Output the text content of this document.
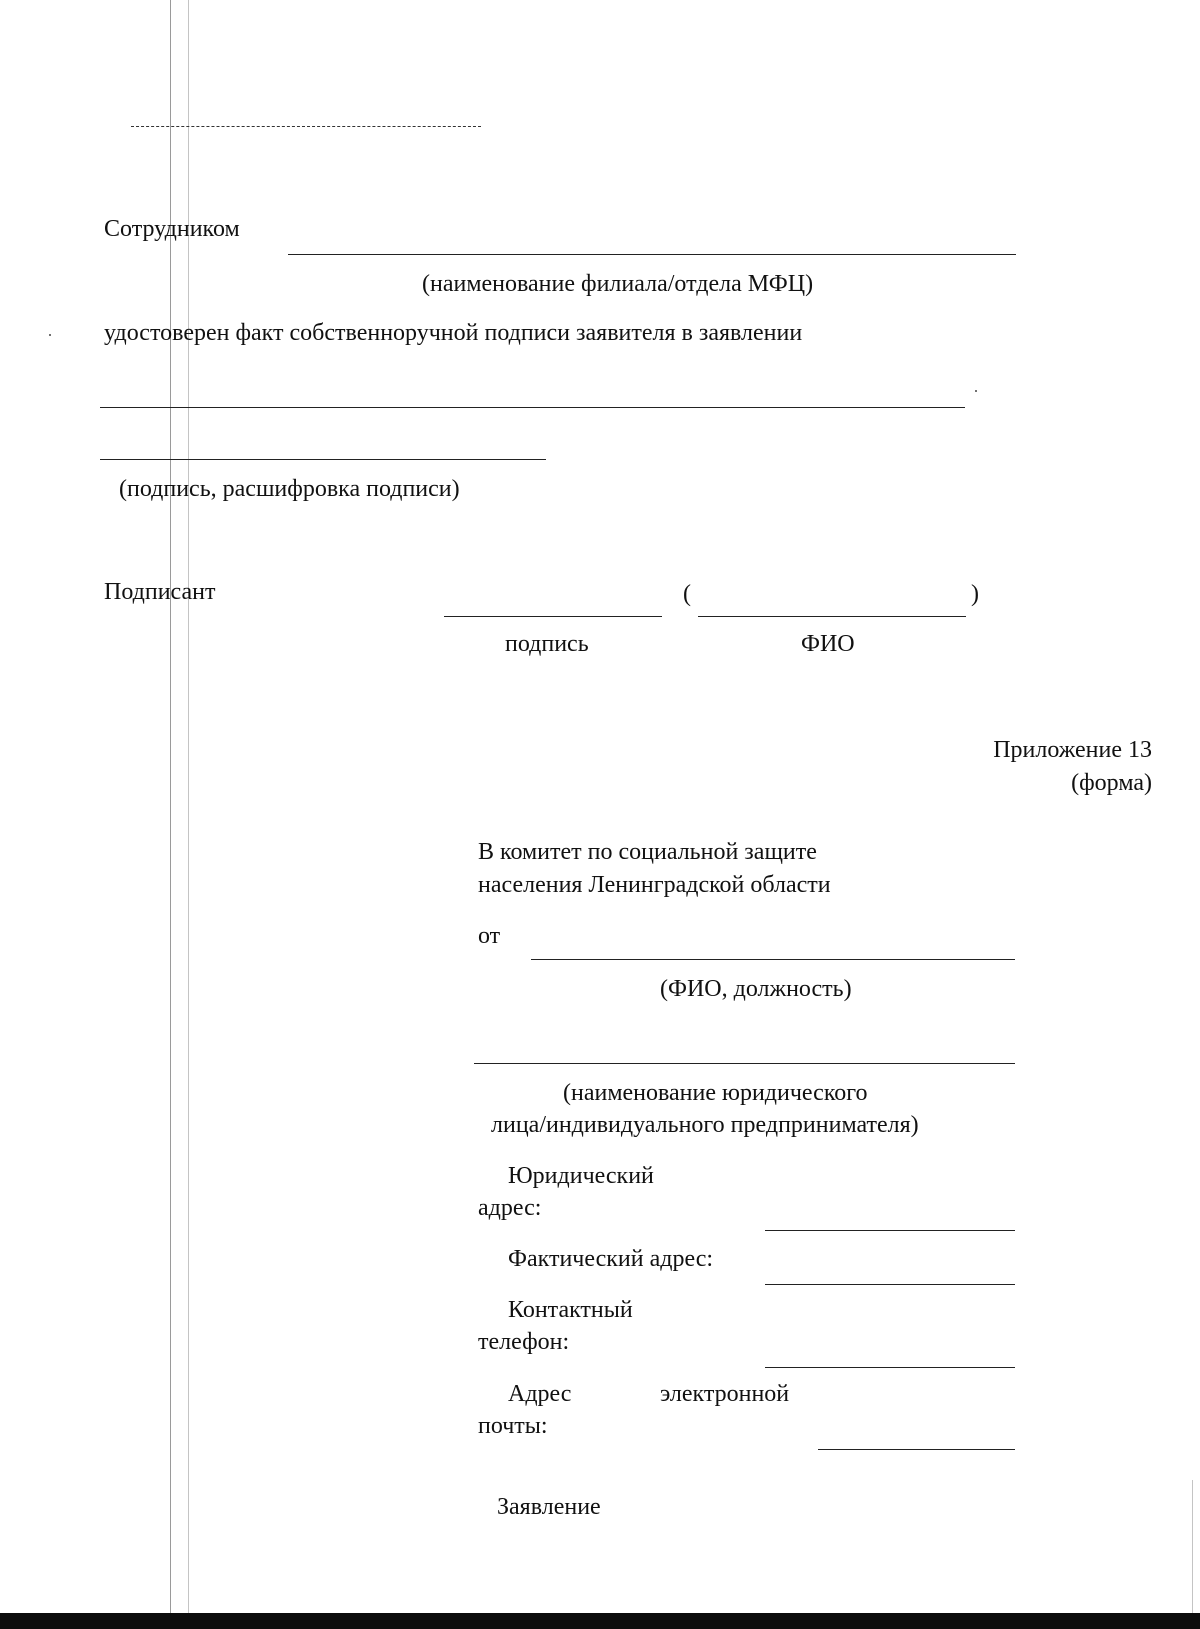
Сотрудником
(наименование филиала/отдела МФЦ)
удостоверен факт собственноручной подписи заявителя в заявлении
(подпись, расшифровка подписи)
Подписант	(	)
подпись	ФИО
Приложение 13
(форма)
В комитет по социальной защите
населения Ленинградской области
от
(ФИО, должность)
(наименование юридического
лица/индивидуального предпринимателя)
Юридический
адрес:
Фактический адрес:
Контактный
телефон:
Адрес	электронной
почты:
Заявление
